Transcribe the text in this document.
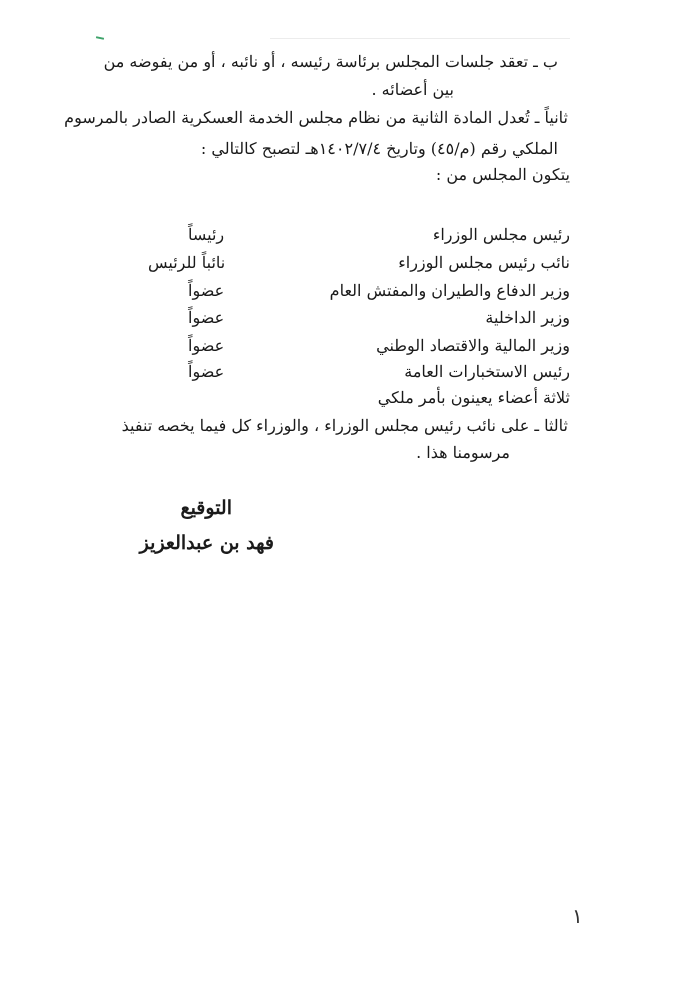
ب ـ تعقد جلسات المجلس برئاسة رئيسه ، أو نائبه ، أو من يفوضه من
بين أعضائه .
ثانياً ـ تُعدل المادة الثانية من نظام مجلس الخدمة العسكرية الصادر بالمرسوم
الملكي رقم (م/٤٥) وتاريخ ١٤٠٢/٧/٤هـ لتصبح كالتالي :
يتكون المجلس من :
رئيس مجلس الوزراء
رئيساً
نائب رئيس مجلس الوزراء
نائباً للرئيس
وزير الدفاع والطيران والمفتش العام
عضواً
وزير الداخلية
عضواً
وزير المالية والاقتصاد الوطني
عضواً
رئيس الاستخبارات العامة
عضواً
ثلاثة أعضاء يعينون بأمر ملكي
ثالثا ـ على نائب رئيس مجلس الوزراء ، والوزراء كل فيما يخصه تنفيذ
مرسومنا هذا .
التوقيع
فهد بن عبدالعزيز
١
